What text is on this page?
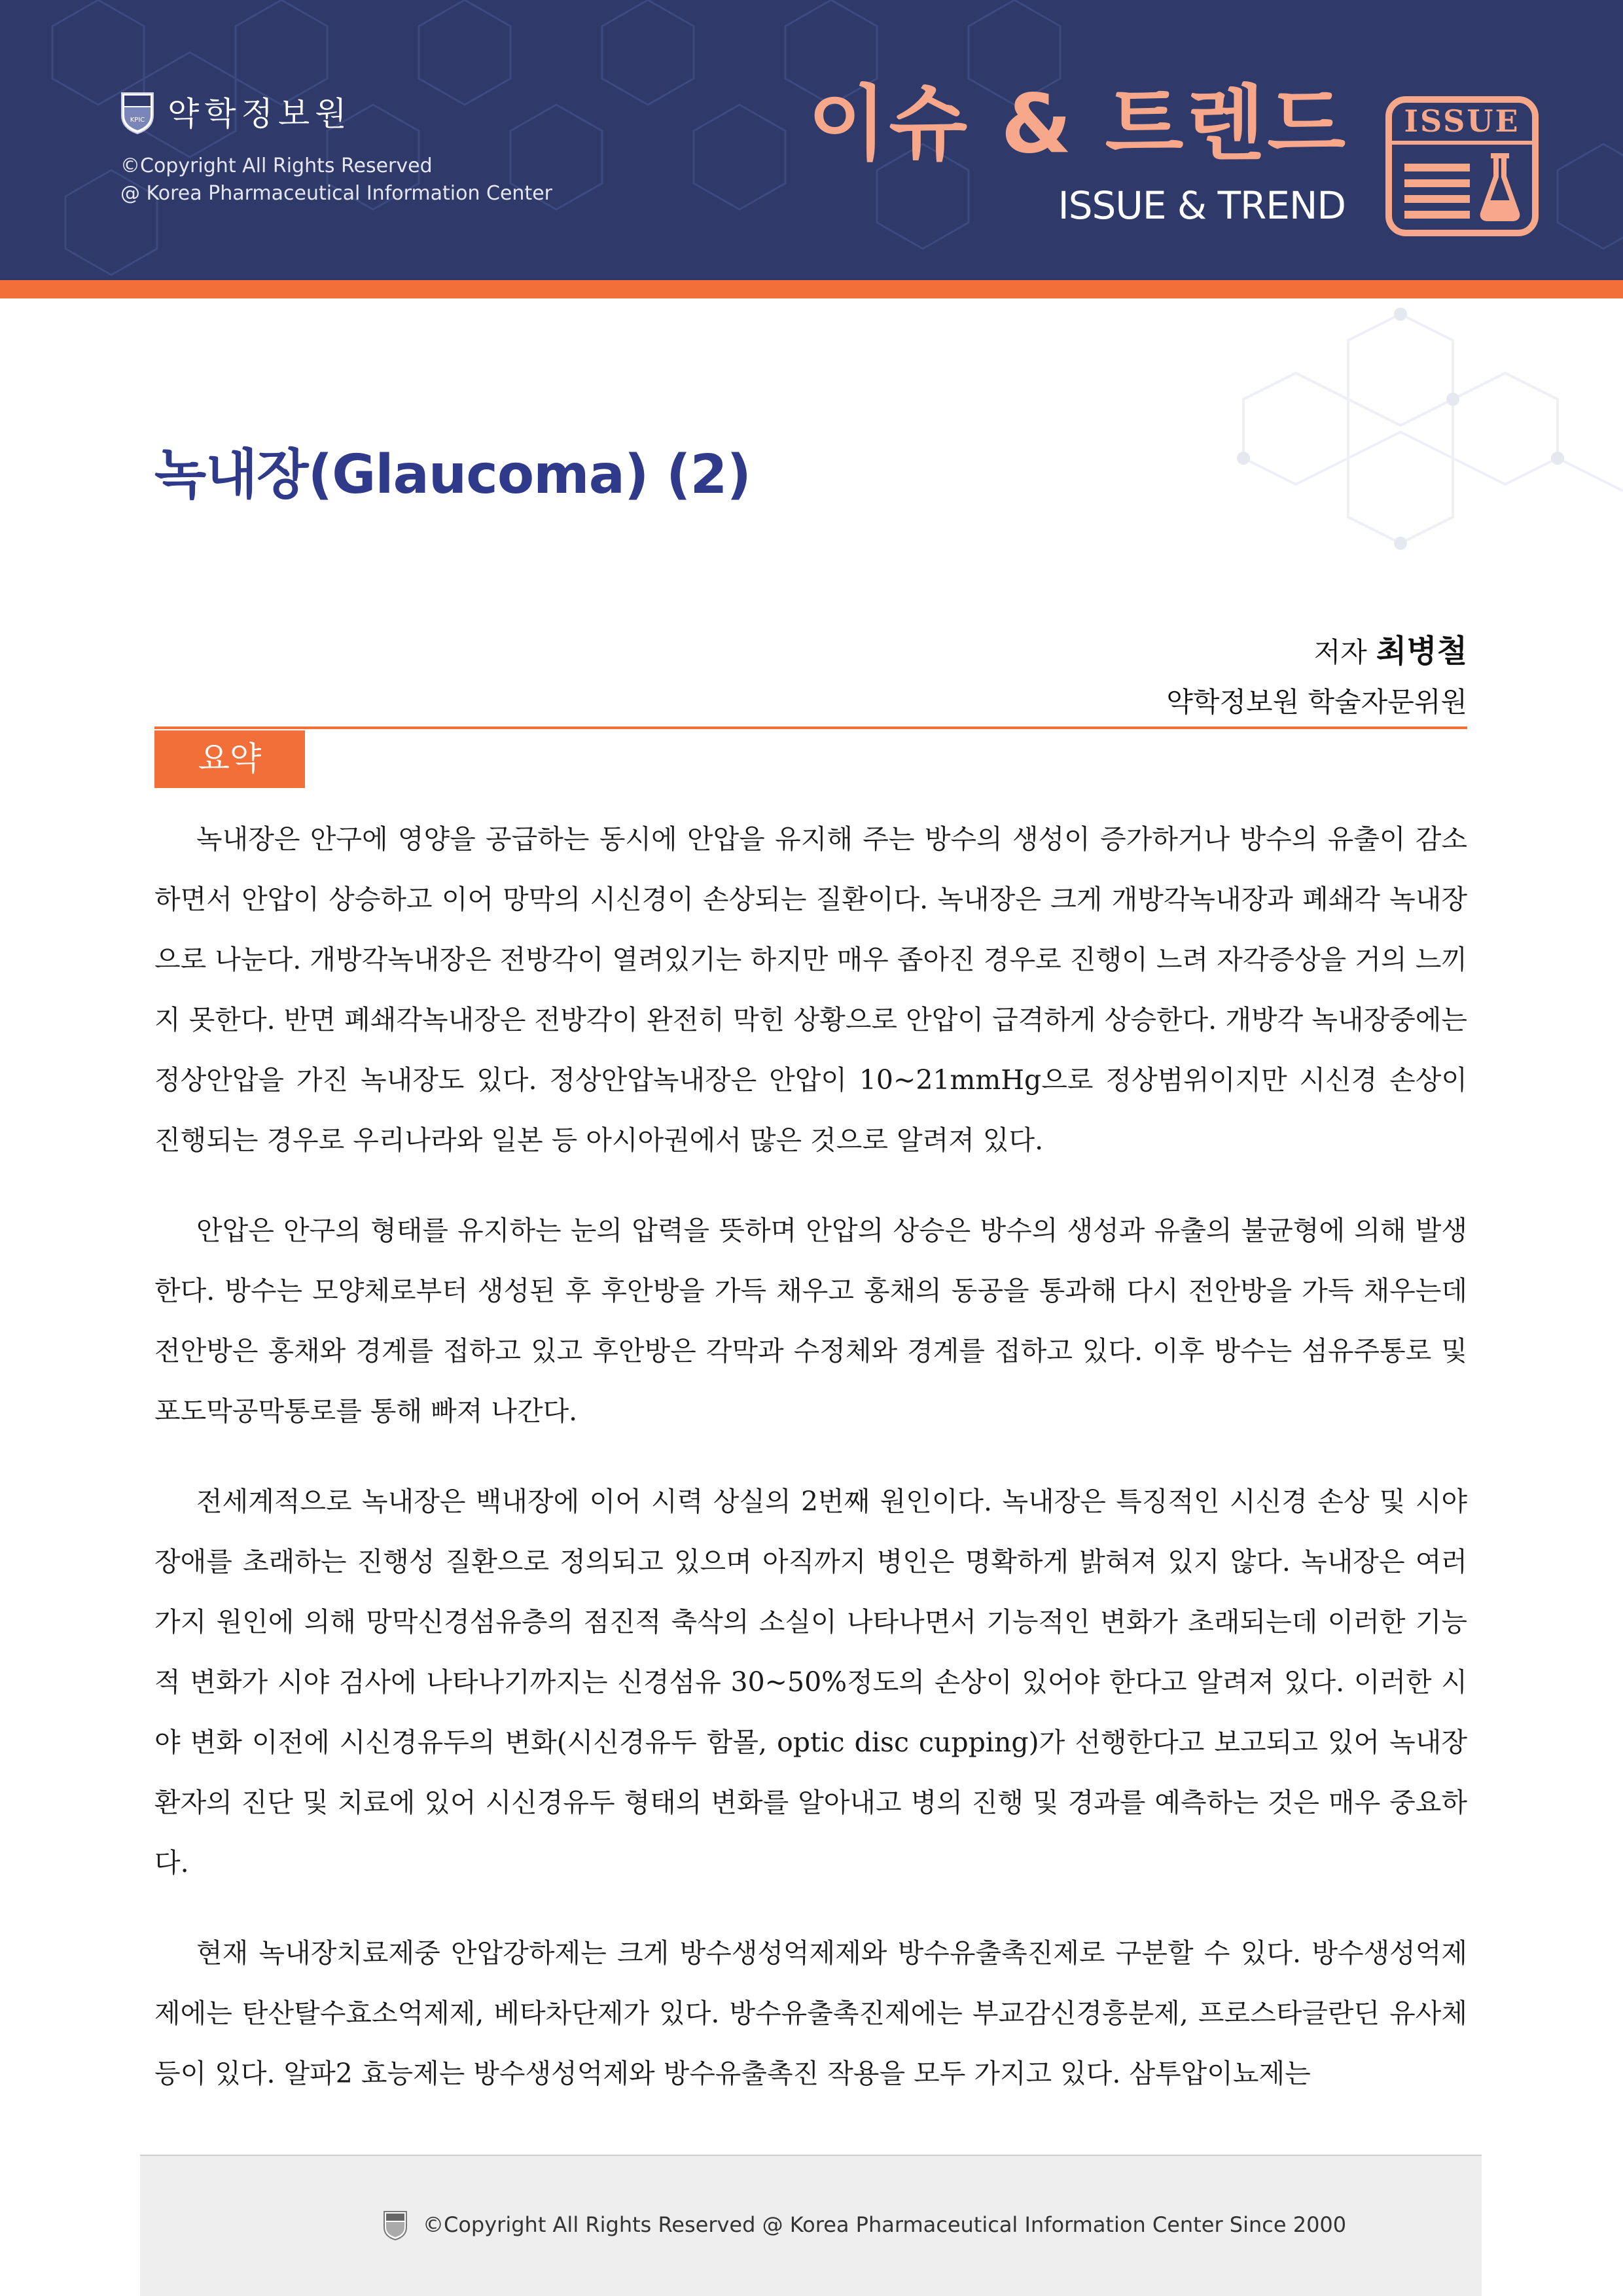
KPIC 약학정보원
©Copyright All Rights Reserved
@ Korea Pharmaceutical Information Center
이슈 & 트렌드
ISSUE & TREND
ISSUE
녹내장(Glaucoma) (2)
저자 최병철
약학정보원 학술자문위원
요약

녹내장은 안구에 영양을 공급하는 동시에 안압을 유지해 주는 방수의 생성이 증가하거나 방수의 유출이 감소하면서 안압이 상승하고 이어 망막의 시신경이 손상되는 질환이다. 녹내장은 크게 개방각녹내장과 폐쇄각 녹내장으로 나눈다. 개방각녹내장은 전방각이 열려있기는 하지만 매우 좁아진 경우로 진행이 느려 자각증상을 거의 느끼지 못한다. 반면 폐쇄각녹내장은 전방각이 완전히 막힌 상황으로 안압이 급격하게 상승한다. 개방각 녹내장중에는 정상안압을 가진 녹내장도 있다. 정상안압녹내장은 안압이 10~21mmHg으로 정상범위이지만 시신경 손상이 진행되는 경우로 우리나라와 일본 등 아시아권에서 많은 것으로 알려져 있다.

안압은 안구의 형태를 유지하는 눈의 압력을 뜻하며 안압의 상승은 방수의 생성과 유출의 불균형에 의해 발생한다. 방수는 모양체로부터 생성된 후 후안방을 가득 채우고 홍채의 동공을 통과해 다시 전안방을 가득 채우는데 전안방은 홍채와 경계를 접하고 있고 후안방은 각막과 수정체와 경계를 접하고 있다. 이후 방수는 섬유주통로 및 포도막공막통로를 통해 빠져 나간다.

전세계적으로 녹내장은 백내장에 이어 시력 상실의 2번째 원인이다. 녹내장은 특징적인 시신경 손상 및 시야 장애를 초래하는 진행성 질환으로 정의되고 있으며 아직까지 병인은 명확하게 밝혀져 있지 않다. 녹내장은 여러 가지 원인에 의해 망막신경섬유층의 점진적 축삭의 소실이 나타나면서 기능적인 변화가 초래되는데 이러한 기능적 변화가 시야 검사에 나타나기까지는 신경섬유 30~50%정도의 손상이 있어야 한다고 알려져 있다. 이러한 시야 변화 이전에 시신경유두의 변화(시신경유두 함몰, optic disc cupping)가 선행한다고 보고되고 있어 녹내장 환자의 진단 및 치료에 있어 시신경유두 형태의 변화를 알아내고 병의 진행 및 경과를 예측하는 것은 매우 중요하다.

현재 녹내장치료제중 안압강하제는 크게 방수생성억제제와 방수유출촉진제로 구분할 수 있다. 방수생성억제제에는 탄산탈수효소억제제, 베타차단제가 있다. 방수유출촉진제에는 부교감신경흥분제, 프로스타글란딘 유사체 등이 있다. 알파2 효능제는 방수생성억제와 방수유출촉진 작용을 모두 가지고 있다. 삼투압이뇨제는

©Copyright All Rights Reserved @ Korea Pharmaceutical Information Center Since 2000
